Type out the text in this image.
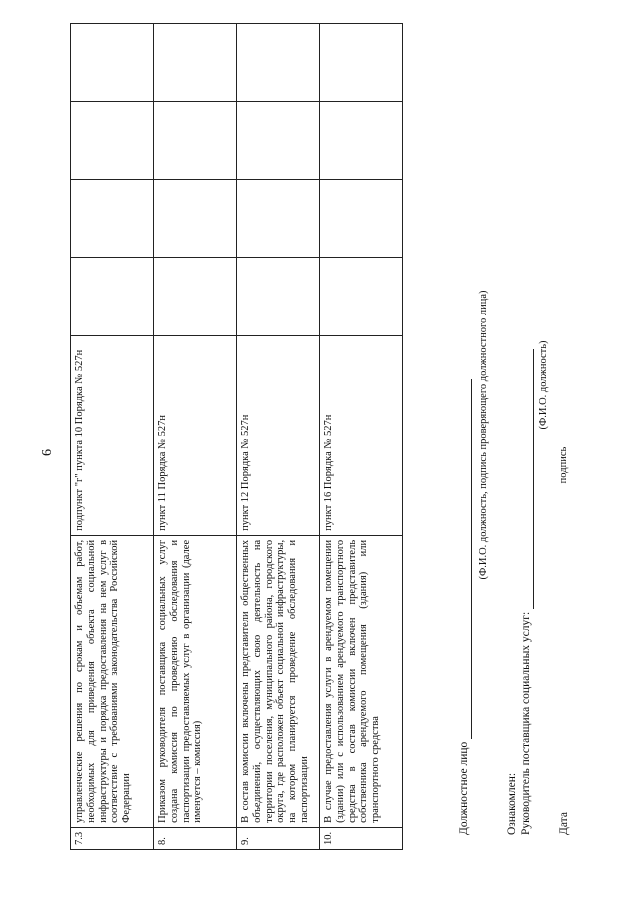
6
7.3	управленческие решения по срокам и объемам работ, необходимых для приведения объекта социальной инфраструктуры и порядка предоставления на нем услуг в соответствие с требованиями законодательства Российской Федерации	подпункт "г" пункта 10 Порядка № 527н				
8.	Приказом руководителя поставщика социальных услуг создана комиссия по проведению обследования и паспортизации предоставляемых услуг в организации (далее именуется – комиссия)	пункт 11 Порядка № 527н				
9.	В состав комиссии включены представители общественных объединений, осуществляющих свою деятельность на территории поселения, муниципального района, городского округа, где расположен объект социальной инфраструктуры, на котором планируется проведение обследования и паспортизации	пункт 12 Порядка № 527н				
10.	В случае предоставления услуги в арендуемом помещении (здании) или с использованием арендуемого транспортного средства в состав комиссии включен представитель собственника арендуемого помещения (здания) или транспортного средства	пункт 16 Порядка № 527н				
Должностное лицо
(Ф.И.О. должность, подпись проверяющего должностного лица)
Ознакомлен: Руководитель поставщика социальных услуг:
(Ф.И.О. должность)
Дата
подпись
